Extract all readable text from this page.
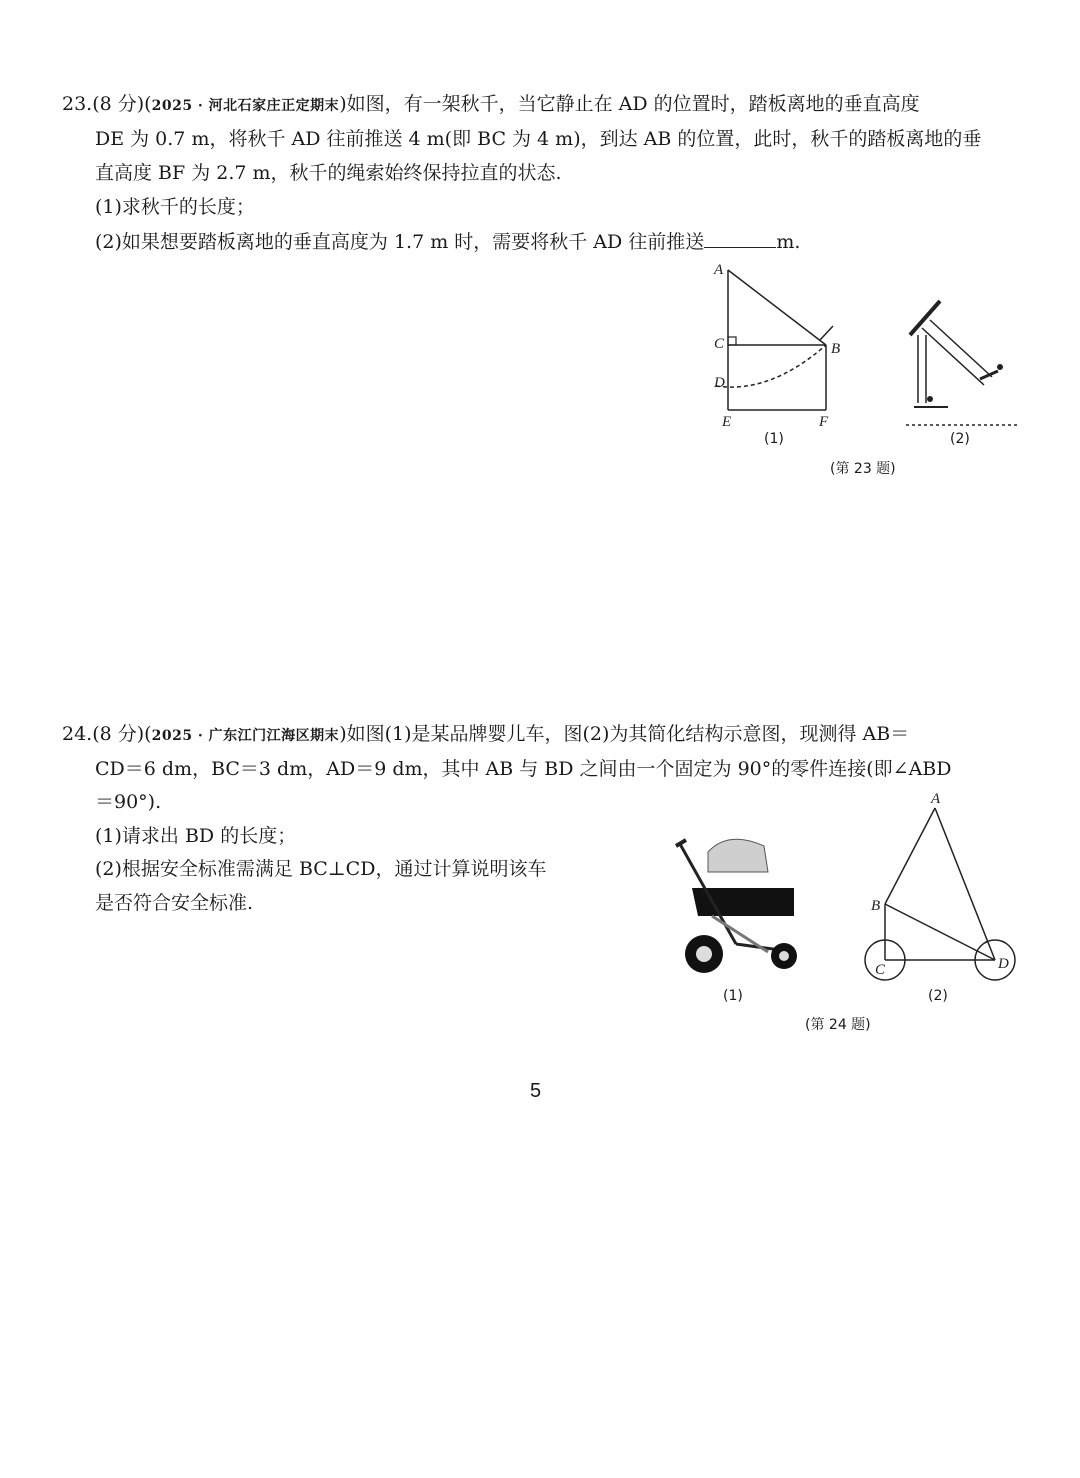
23.(8 分)(2025 · 河北石家庄正定期末)如图，有一架秋千，当它静止在 AD 的位置时，踏板离地的垂直高度
DE 为 0.7 m，将秋千 AD 往前推送 4 m(即 BC 为 4 m)，到达 AB 的位置，此时，秋千的踏板离地的垂
直高度 BF 为 2.7 m，秋千的绳索始终保持拉直的状态.
(1)求秋千的长度；
(2)如果想要踏板离地的垂直高度为 1.7 m 时，需要将秋千 AD 往前推送	m.
A
C	B
D
E	F
(1)	(2)
(第 23 题)
24.(8 分)(2025 · 广东江门江海区期末)如图(1)是某品牌婴儿车，图(2)为其简化结构示意图，现测得 AB＝
CD＝6 dm，BC＝3 dm，AD＝9 dm，其中 AB 与 BD 之间由一个固定为 90°的零件连接(即∠ABD
＝90°).
(1)请求出 BD 的长度；
(2)根据安全标准需满足 BC⊥CD，通过计算说明该车
是否符合安全标准.
(1)
A
B
C	D
(2)
(第 24 题)
5
